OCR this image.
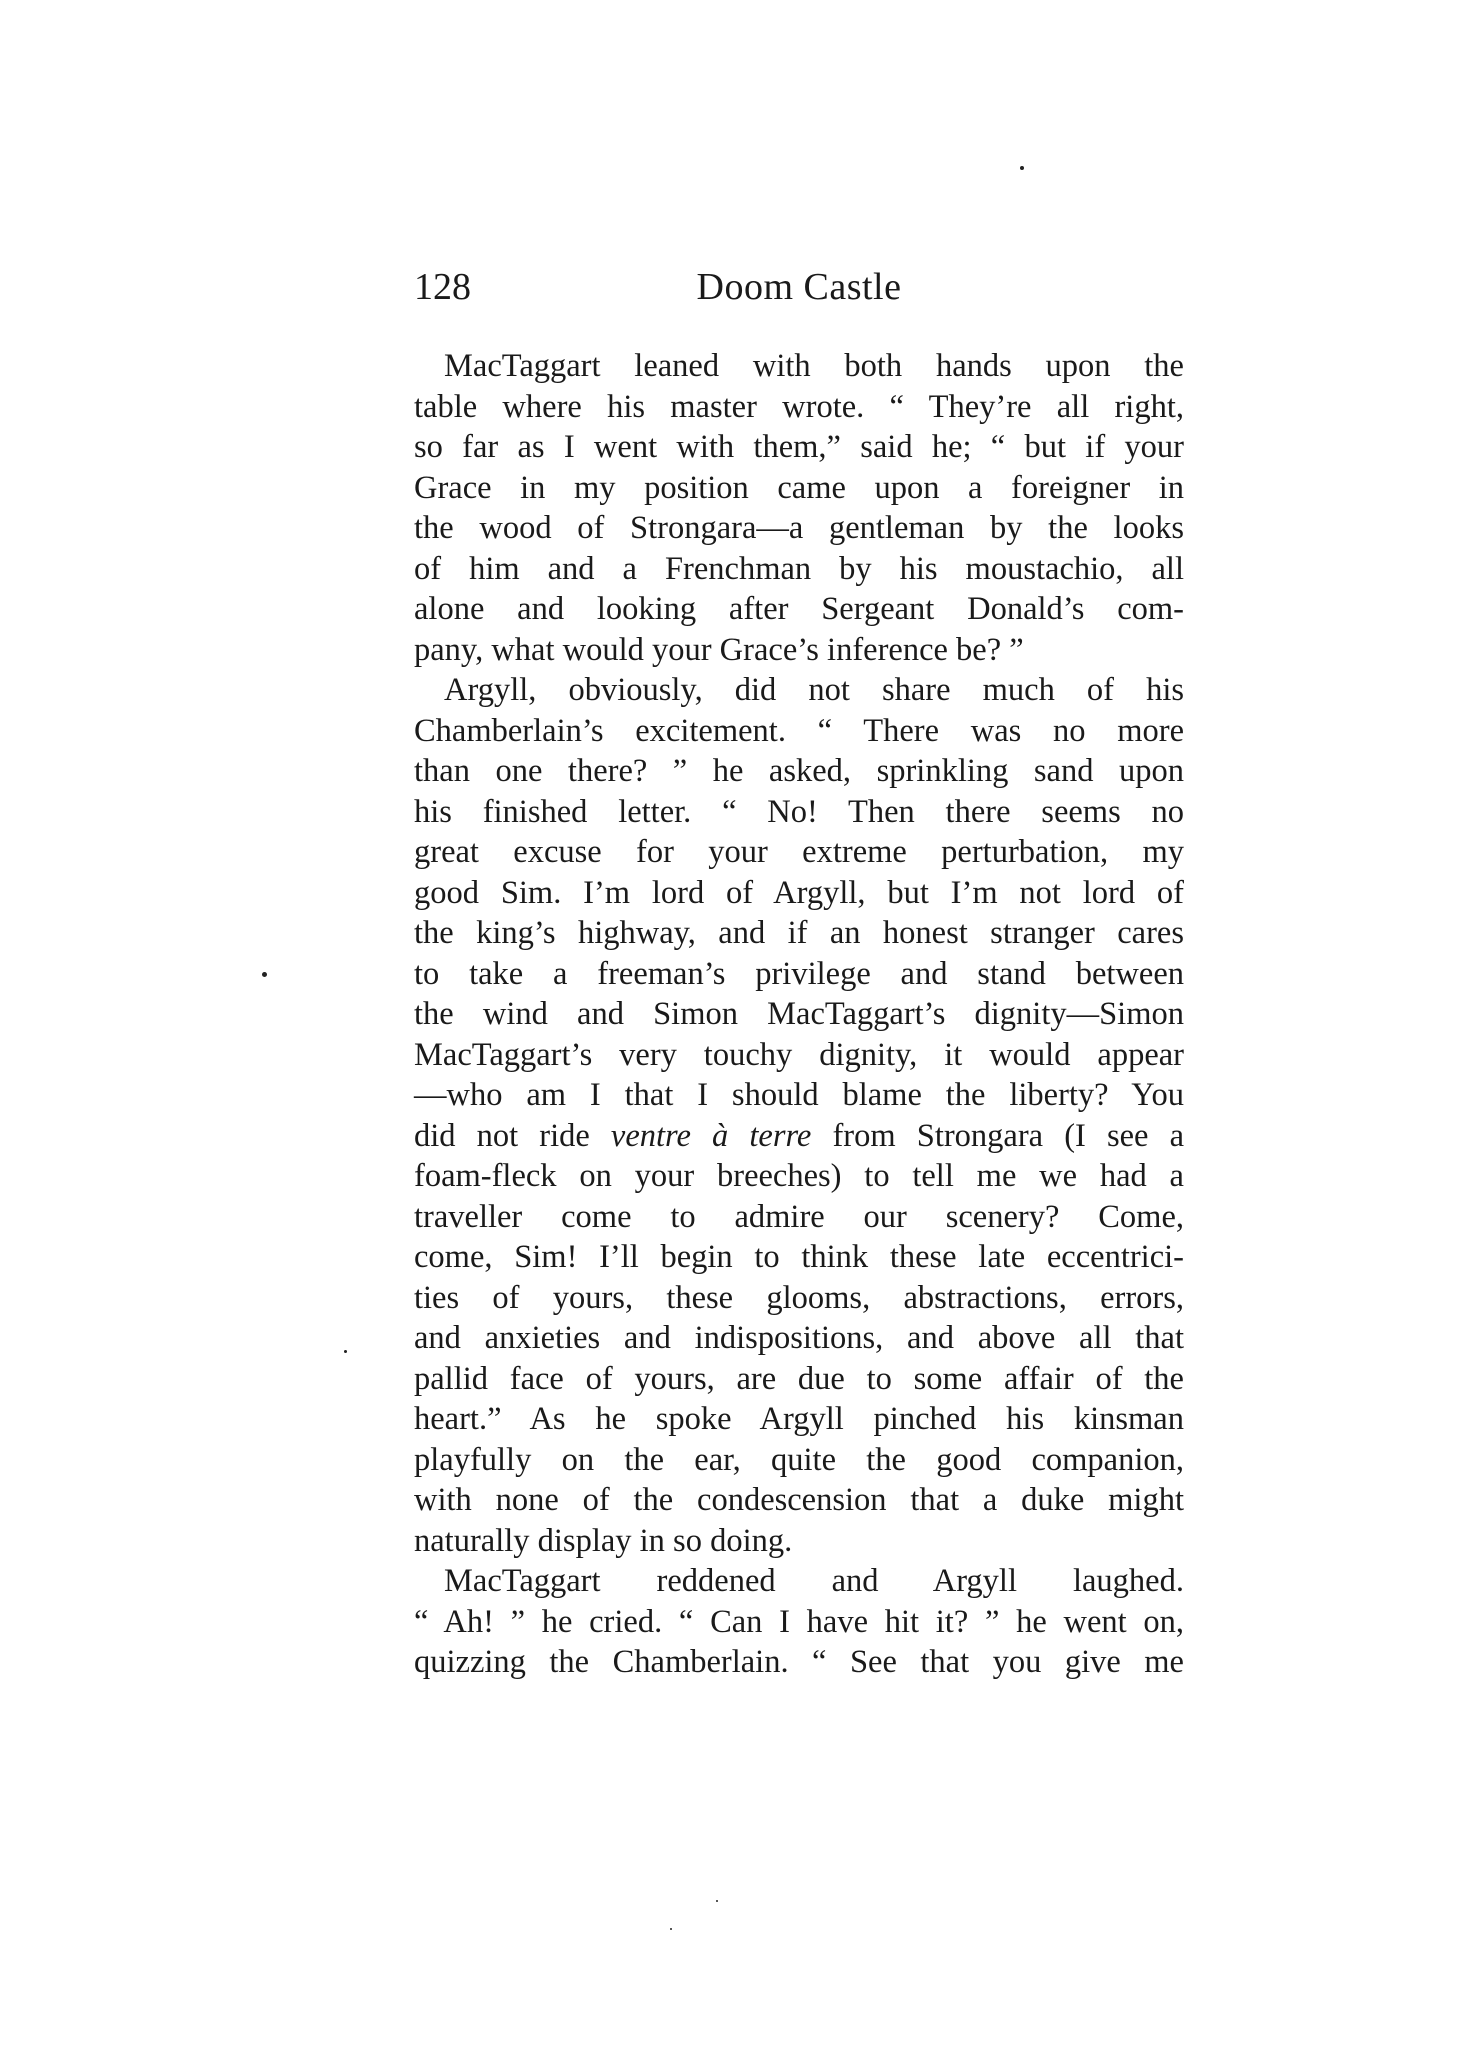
128	Doom Castle

MacTaggart leaned with both hands upon the
table where his master wrote. “ They’re all right,
so far as I went with them,” said he; “ but if your
Grace in my position came upon a foreigner in
the wood of Strongara—a gentleman by the looks
of him and a Frenchman by his moustachio, all
alone and looking after Sergeant Donald’s com-
pany, what would your Grace’s inference be? ”

Argyll, obviously, did not share much of his
Chamberlain’s excitement. “ There was no more
than one there? ” he asked, sprinkling sand upon
his finished letter. “ No! Then there seems no
great excuse for your extreme perturbation, my
good Sim. I’m lord of Argyll, but I’m not lord of
the king’s highway, and if an honest stranger cares
to take a freeman’s privilege and stand between
the wind and Simon MacTaggart’s dignity—Simon
MacTaggart’s very touchy dignity, it would appear
—who am I that I should blame the liberty? You
did not ride ventre à terre from Strongara (I see a
foam-fleck on your breeches) to tell me we had a
traveller come to admire our scenery? Come,
come, Sim! I’ll begin to think these late eccentrici-
ties of yours, these glooms, abstractions, errors,
and anxieties and indispositions, and above all that
pallid face of yours, are due to some affair of the
heart.” As he spoke Argyll pinched his kinsman
playfully on the ear, quite the good companion,
with none of the condescension that a duke might
naturally display in so doing.

MacTaggart reddened and Argyll laughed.
“ Ah! ” he cried. “ Can I have hit it? ” he went on,
quizzing the Chamberlain. “ See that you give me
